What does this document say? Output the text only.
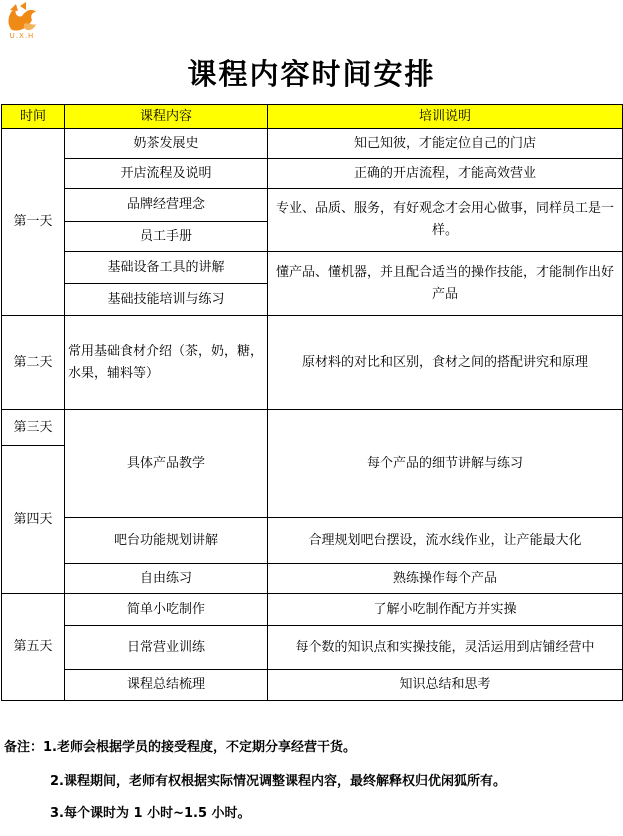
U.X.H
课程内容时间安排
时间	课程内容	培训说明
第一天	奶茶发展史	知己知彼，才能定位自己的门店
	开店流程及说明	正确的开店流程，才能高效营业
	品牌经营理念	专业、品质、服务，有好观念才会用心做事，同样员工是一样。
	员工手册	
	基础设备工具的讲解	懂产品、懂机器，并且配合适当的操作技能，才能制作出好产品
	基础技能培训与练习	
第二天	常用基础食材介绍（茶，奶，糖，水果，辅料等）	原材料的对比和区别，食材之间的搭配讲究和原理
第三天	具体产品教学	每个产品的细节讲解与练习
第四天		
	吧台功能规划讲解	合理规划吧台摆设，流水线作业，让产能最大化
	自由练习	熟练操作每个产品
第五天	简单小吃制作	了解小吃制作配方并实操
	日常营业训练	每个数的知识点和实操技能，灵活运用到店铺经营中
	课程总结梳理	知识总结和思考
备注：1.老师会根据学员的接受程度，不定期分享经营干货。
2.课程期间，老师有权根据实际情况调整课程内容，最终解释权归优闲狐所有。
3.每个课时为 1 小时~1.5 小时。
